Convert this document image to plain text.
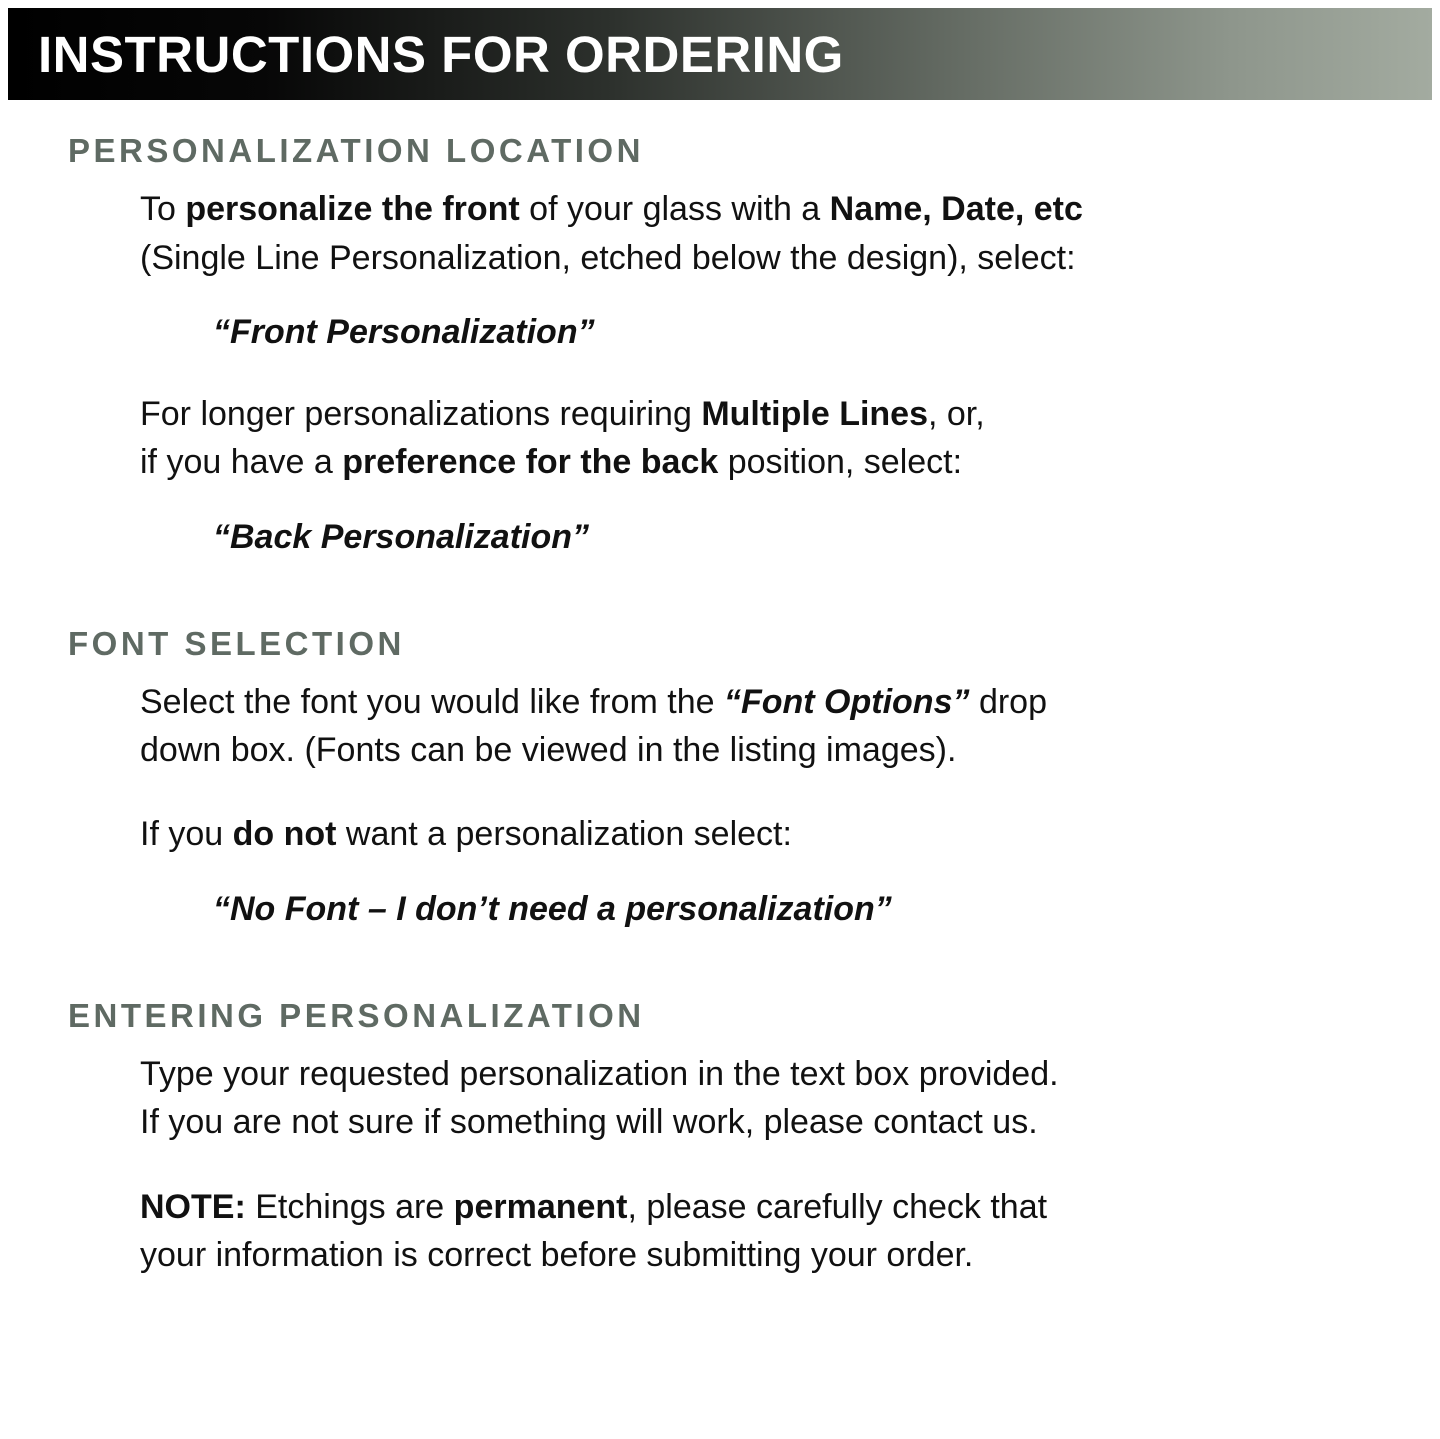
INSTRUCTIONS FOR ORDERING
PERSONALIZATION LOCATION

To personalize the front of your glass with a Name, Date, etc
(Single Line Personalization, etched below the design), select:

“Front Personalization”

For longer personalizations requiring Multiple Lines, or,
if you have a preference for the back position, select:

“Back Personalization”
FONT SELECTION

Select the font you would like from the “Font Options” drop
down box. (Fonts can be viewed in the listing images).

If you do not want a personalization select:

“No Font – I don’t need a personalization”
ENTERING PERSONALIZATION

Type your requested personalization in the text box provided.
If you are not sure if something will work, please contact us.

NOTE: Etchings are permanent, please carefully check that
your information is correct before submitting your order.
